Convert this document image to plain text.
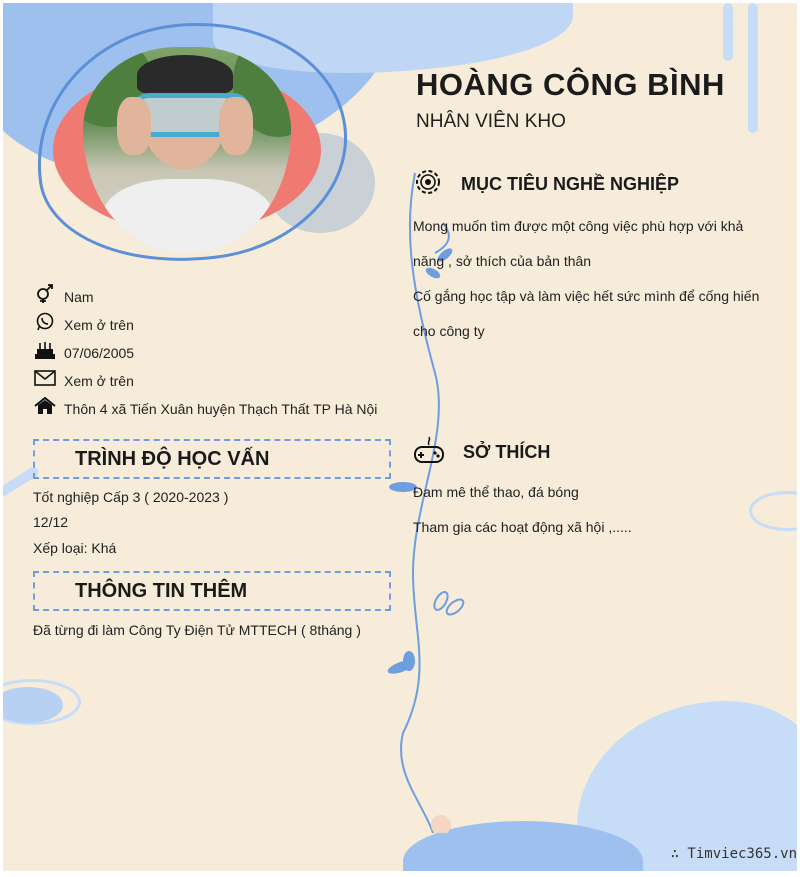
HOÀNG CÔNG BÌNH
NHÂN VIÊN KHO
Nam
Xem ở trên
07/06/2005
Xem ở trên
Thôn 4 xã Tiến Xuân huyện Thạch Thất TP Hà Nội
TRÌNH ĐỘ HỌC VẤN
Tốt nghiệp Cấp 3 ( 2020-2023 )
12/12
Xếp loại: Khá
THÔNG TIN THÊM
Đã từng đi làm Công Ty Điện Tử MTTECH ( 8tháng )
MỤC TIÊU NGHỀ NGHIỆP
Mong muốn tìm được một công việc phù hợp với khả năng , sở thích của bản thân
Cố gắng học tập và làm việc hết sức mình để cống hiến cho công ty
SỞ THÍCH
Đam mê thể thao, đá bóng
Tham gia các hoạt động xã hội ,.....
∴ Timviec365.vn
